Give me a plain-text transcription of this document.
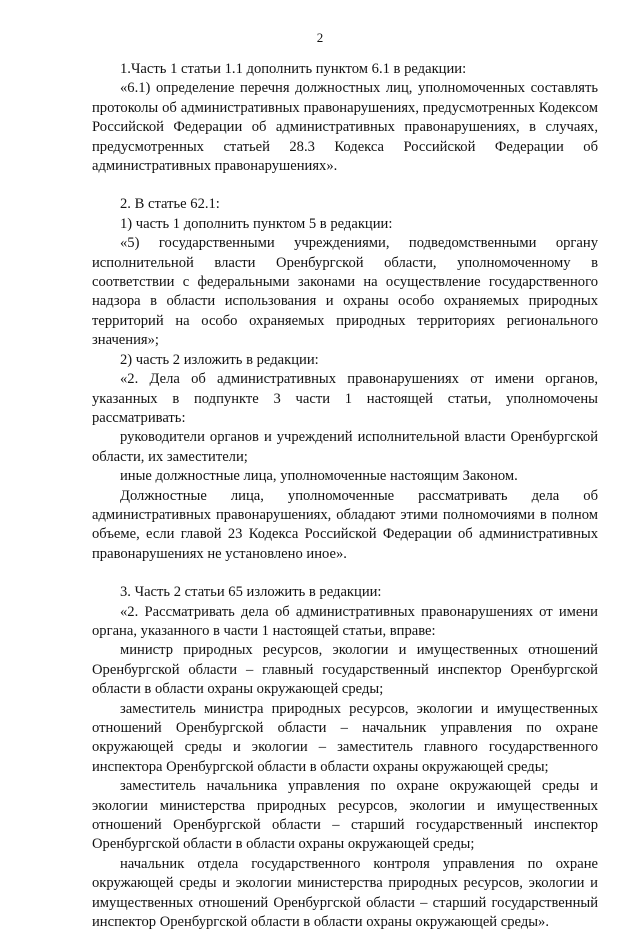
2

1.Часть 1 статьи 1.1 дополнить пунктом 6.1 в редакции:

«6.1) определение перечня должностных лиц, уполномоченных составлять протоколы об административных правонарушениях, предусмотренных Кодексом Российской Федерации об административных правонарушениях, в случаях, предусмотренных статьей 28.3 Кодекса Российской Федерации об административных правонарушениях».

2. В статье 62.1:

1) часть 1 дополнить пунктом 5 в редакции:

«5) государственными учреждениями, подведомственными органу исполнительной власти Оренбургской области, уполномоченному в соответствии с федеральными законами на осуществление государственного надзора в области использования и охраны особо охраняемых природных территорий на особо охраняемых природных территориях регионального значения»;

2) часть 2 изложить в редакции:

«2. Дела об административных правонарушениях от имени органов, указанных в подпункте 3 части 1 настоящей статьи, уполномочены рассматривать:

руководители органов и учреждений исполнительной власти Оренбургской области, их заместители;

иные должностные лица, уполномоченные настоящим Законом.

Должностные лица, уполномоченные рассматривать дела об административных правонарушениях, обладают этими полномочиями в полном объеме, если главой 23 Кодекса Российской Федерации об административных правонарушениях не установлено иное».

3. Часть 2 статьи 65 изложить в редакции:

«2. Рассматривать дела об административных правонарушениях от имени органа, указанного в части 1 настоящей статьи, вправе:

министр природных ресурсов, экологии и имущественных отношений Оренбургской области – главный государственный инспектор Оренбургской области в области охраны окружающей среды;

заместитель министра природных ресурсов, экологии и имущественных отношений Оренбургской области – начальник управления по охране окружающей среды и экологии – заместитель главного государственного инспектора Оренбургской области в области охраны окружающей среды;

заместитель начальника управления по охране окружающей среды и экологии министерства природных ресурсов, экологии и имущественных отношений Оренбургской области – старший государственный инспектор Оренбургской области в области охраны окружающей среды;

начальник отдела государственного контроля управления по охране окружающей среды и экологии министерства природных ресурсов, экологии и имущественных отношений Оренбургской области – старший государственный инспектор Оренбургской области в области охраны окружающей среды».
